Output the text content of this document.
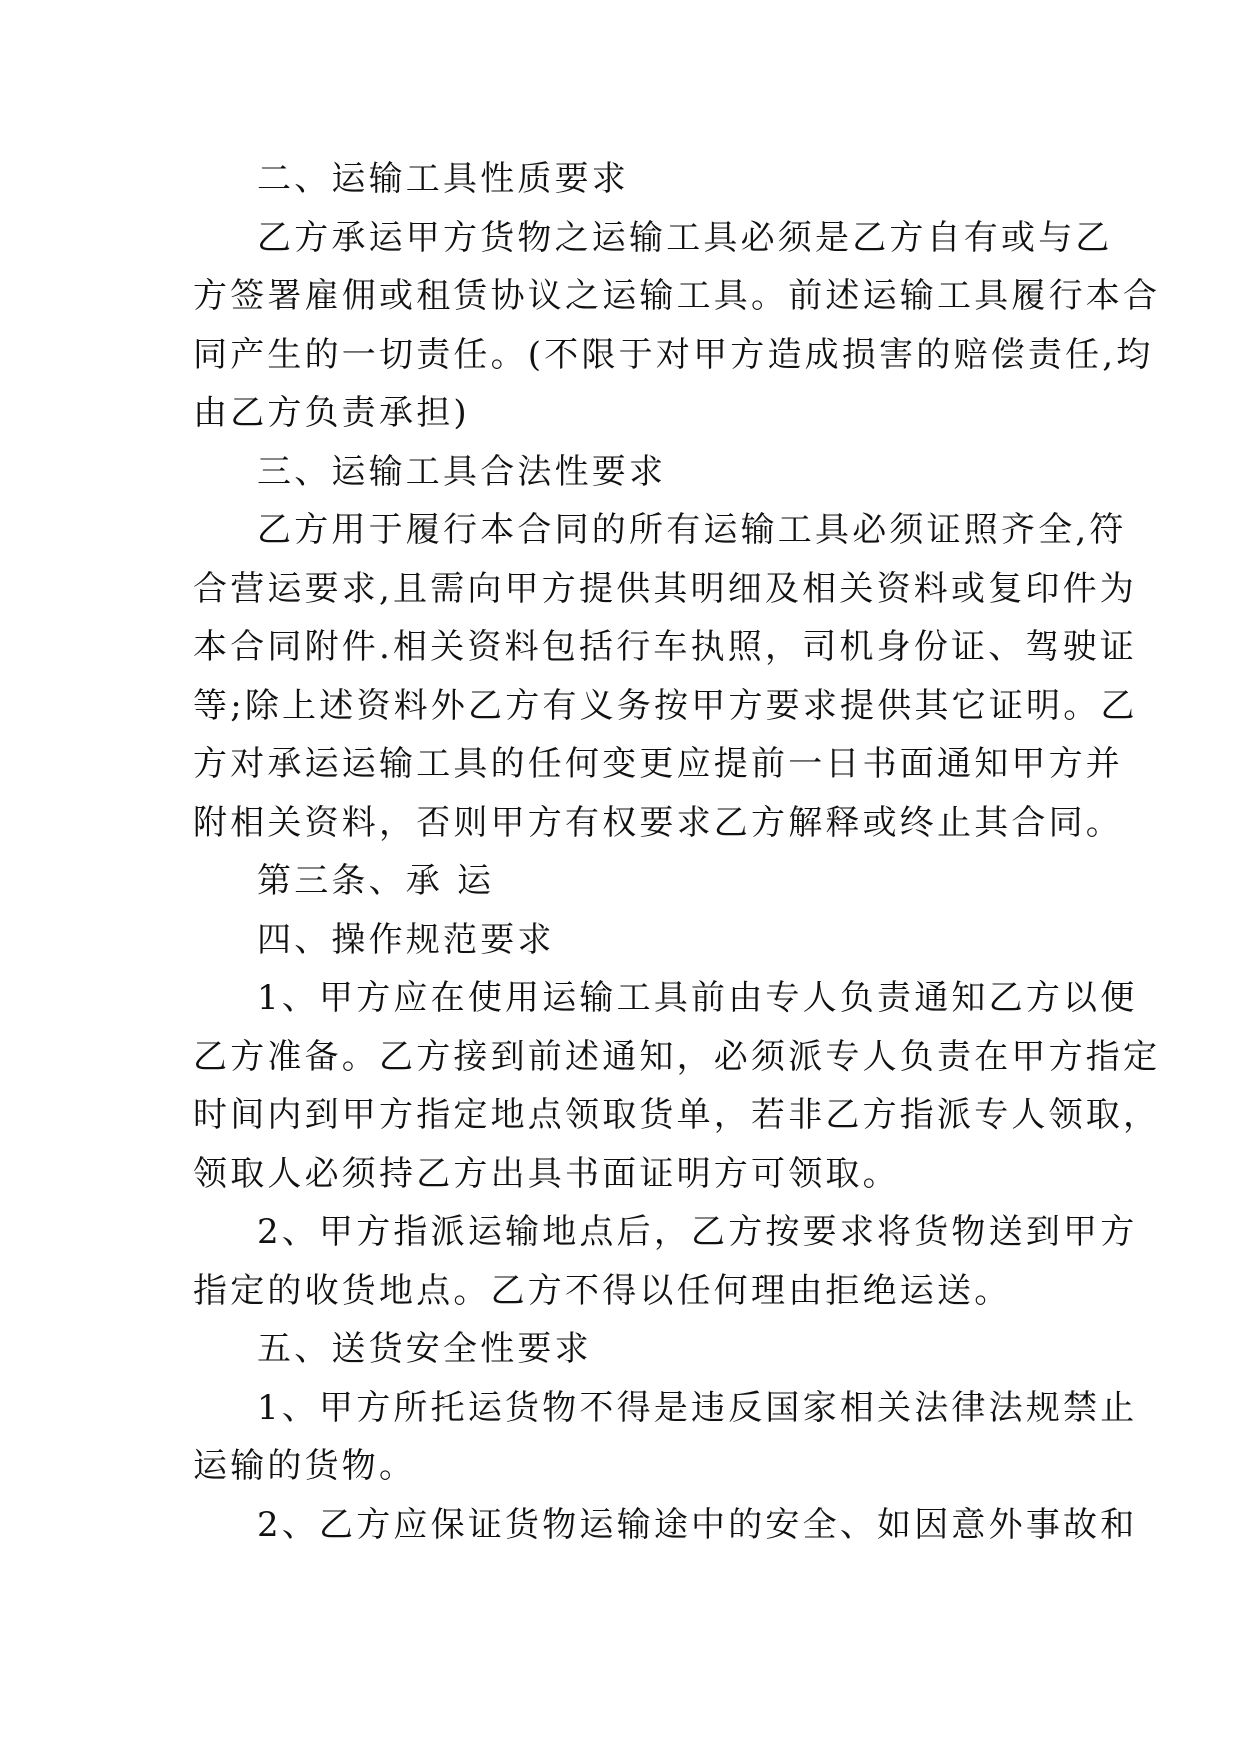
二、运输工具性质要求
乙方承运甲方货物之运输工具必须是乙方自有或与乙
方签署雇佣或租赁协议之运输工具。前述运输工具履行本合
同产生的一切责任。(不限于对甲方造成损害的赔偿责任,均
由乙方负责承担)
三、运输工具合法性要求
乙方用于履行本合同的所有运输工具必须证照齐全,符
合营运要求,且需向甲方提供其明细及相关资料或复印件为
本合同附件.相关资料包括行车执照，司机身份证、驾驶证
等;除上述资料外乙方有义务按甲方要求提供其它证明。乙
方对承运运输工具的任何变更应提前一日书面通知甲方并
附相关资料，否则甲方有权要求乙方解释或终止其合同。
第三条、承 运
四、操作规范要求
1、甲方应在使用运输工具前由专人负责通知乙方以便
乙方准备。乙方接到前述通知，必须派专人负责在甲方指定
时间内到甲方指定地点领取货单，若非乙方指派专人领取，
领取人必须持乙方出具书面证明方可领取。
2、甲方指派运输地点后，乙方按要求将货物送到甲方
指定的收货地点。乙方不得以任何理由拒绝运送。
五、送货安全性要求
1、甲方所托运货物不得是违反国家相关法律法规禁止
运输的货物。
2、乙方应保证货物运输途中的安全、如因意外事故和
